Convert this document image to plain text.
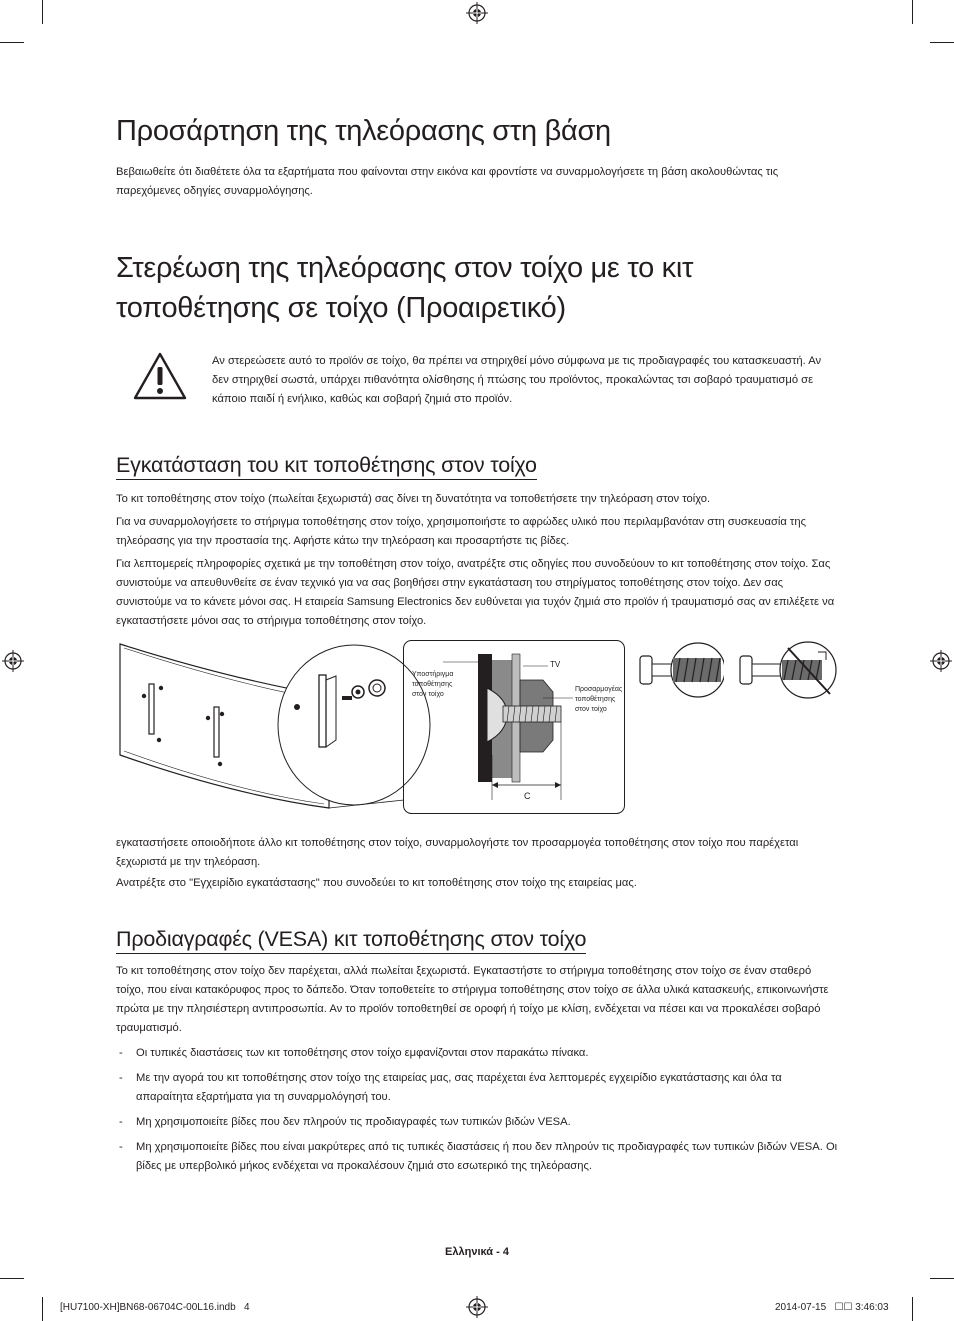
Προσάρτηση της τηλεόρασης στη βάση
Βεβαιωθείτε ότι διαθέτετε όλα τα εξαρτήματα που φαίνονται στην εικόνα και φροντίστε να συναρμολογήσετε τη βάση ακολουθώντας τις παρεχόμενες οδηγίες συναρμολόγησης.
Στερέωση της τηλεόρασης στον τοίχο με το κιτ
τοποθέτησης σε τοίχο (Προαιρετικό)
Αν στερεώσετε αυτό το προϊόν σε τοίχο, θα πρέπει να στηριχθεί μόνο σύμφωνα με τις προδιαγραφές του κατασκευαστή. Αν δεν στηριχθεί σωστά, υπάρχει πιθανότητα ολίσθησης ή πτώσης του προϊόντος, προκαλώντας τσι σοβαρό τραυματισμό σε κάποιο παιδί ή ενήλικο, καθώς και σοβαρή ζημιά στο προϊόν.
Εγκατάσταση του κιτ τοποθέτησης στον τοίχο

Το κιτ τοποθέτησης στον τοίχο (πωλείται ξεχωριστά) σας δίνει τη δυνατότητα να τοποθετήσετε την τηλεόραση στον τοίχο.

Για να συναρμολογήσετε το στήριγμα τοποθέτησης στον τοίχο, χρησιμοποιήστε το αφρώδες υλικό που περιλαμβανόταν στη συσκευασία της τηλεόρασης για την προστασία της. Αφήστε κάτω την τηλεόραση και προσαρτήστε τις βίδες.

Για λεπτομερείς πληροφορίες σχετικά με την τοποθέτηση στον τοίχο, ανατρέξτε στις οδηγίες που συνοδεύουν το κιτ τοποθέτησης στον τοίχο. Σας συνιστούμε να απευθυνθείτε σε έναν τεχνικό για να σας βοηθήσει στην εγκατάσταση του στηρίγματος τοποθέτησης στον τοίχο. Δεν σας συνιστούμε να το κάνετε μόνοι σας. Η εταιρεία Samsung Electronics δεν ευθύνεται για τυχόν ζημιά στο προϊόν ή τραυματισμό σας αν επιλέξετε να εγκαταστήσετε μόνοι σας το στήριγμα τοποθέτησης στον τοίχο.

Υποστήριγμα τοποθέτησης στον τοίχο
TV
Προσαρμογέας τοποθέτησης στον τοίχο
C

εγκαταστήσετε οποιοδήποτε άλλο κιτ τοποθέτησης στον τοίχο, συναρμολογήστε τον προσαρμογέα τοποθέτησης στον τοίχο που παρέχεται ξεχωριστά με την τηλεόραση.

Ανατρέξτε στο "Εγχειρίδιο εγκατάστασης" που συνοδεύει το κιτ τοποθέτησης στον τοίχο της εταιρείας μας.

Προδιαγραφές (VESA) κιτ τοποθέτησης στον τοίχο

Το κιτ τοποθέτησης στον τοίχο δεν παρέχεται, αλλά πωλείται ξεχωριστά. Εγκαταστήστε το στήριγμα τοποθέτησης στον τοίχο σε έναν σταθερό τοίχο, που είναι κατακόρυφος προς το δάπεδο. Όταν τοποθετείτε το στήριγμα τοποθέτησης στον τοίχο σε άλλα υλικά κατασκευής, επικοινωνήστε πρώτα με την πλησιέστερη αντιπροσωπία. Αν το προϊόν τοποθετηθεί σε οροφή ή τοίχο με κλίση, ενδέχεται να πέσει και να προκαλέσει σοβαρό τραυματισμό.

- Οι τυπικές διαστάσεις των κιτ τοποθέτησης στον τοίχο εμφανίζονται στον παρακάτω πίνακα.
- Με την αγορά του κιτ τοποθέτησης στον τοίχο της εταιρείας μας, σας παρέχεται ένα λεπτομερές εγχειρίδιο εγκατάστασης και όλα τα απαραίτητα εξαρτήματα για τη συναρμολόγησή του.
- Μη χρησιμοποιείτε βίδες που δεν πληρούν τις προδιαγραφές των τυπικών βιδών VESA.
- Μη χρησιμοποιείτε βίδες που είναι μακρύτερες από τις τυπικές διαστάσεις ή που δεν πληρούν τις προδιαγραφές των τυπικών βιδών VESA. Οι βίδες με υπερβολικό μήκος ενδέχεται να προκαλέσουν ζημιά στο εσωτερικό της τηλεόρασης.
Ελληνικά - 4
[HU7100-XH]BN68-06704C-00L16.indb   4	2014-07-15   ☐☐ 3:46:03
